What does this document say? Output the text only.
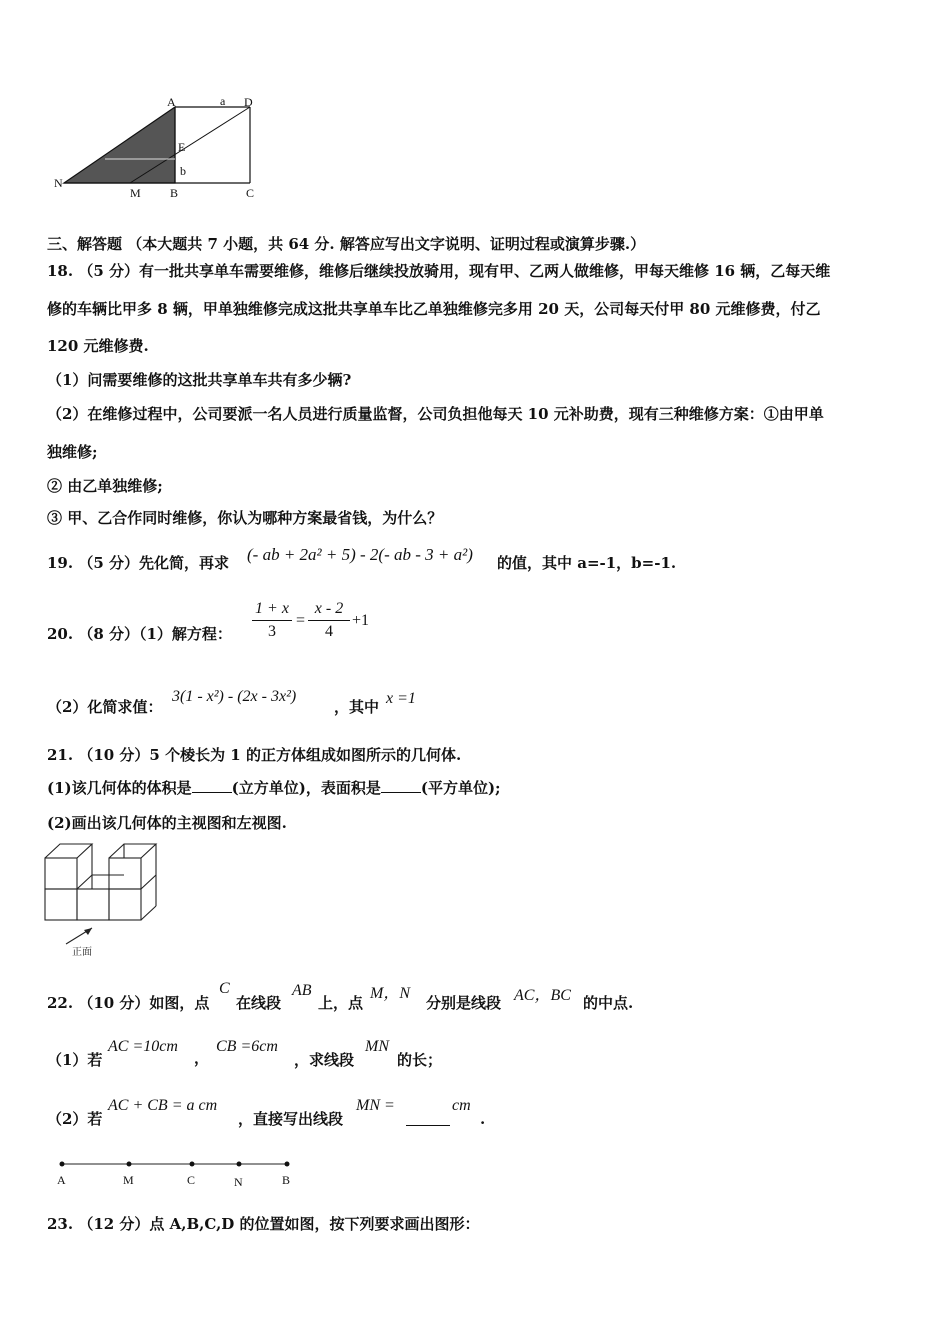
A	a D
E
b
N
M B	C
三、解答题 （本大题共 7 小题，共 64 分. 解答应写出文字说明、证明过程或演算步骤.）
18. （5 分）有一批共享单车需要维修，维修后继续投放骑用，现有甲、乙两人做维修，甲每天维修 16 辆，乙每天维
修的车辆比甲多 8 辆，甲单独维修完成这批共享单车比乙单独维修完多用 20 天，公司每天付甲 80 元维修费，付乙
120 元维修费.
（1）问需要维修的这批共享单车共有多少辆?
（2）在维修过程中，公司要派一名人员进行质量监督，公司负担他每天 10 元补助费，现有三种维修方案：①由甲单
独维修;
② 由乙单独维修;
③ 甲、乙合作同时维修，你认为哪种方案最省钱，为什么？
19. （5 分）先化简，再求 (- ab + 2a² + 5) - 2(- ab - 3 + a²) 的值，其中 a=-1，b=-1.
20. （8 分）（1）解方程：
1 + x
3
=
x - 2
4
+1
（2）化简求值：
3(1 - x²) - (2x - 3x²)
，其中 x =1
21. （10 分）5 个棱长为 1 的正方体组成如图所示的几何体.
(1)该几何体的体积是	(立方单位)，表面积是	(平方单位);
(2)画出该几何体的主视图和左视图.
正面
22. （10 分）如图，点
C
在线段
AB
上，点
M，N
分别是线段 AC，BC 的中点.
（1）若
AC =10cm
，
CB =6cm
，求线段
MN
的长；
（2）若
AC + CB = a cm
，直接写出线段
MN =	cm
.
A	M	C	N	B
23. （12 分）点 A,B,C,D 的位置如图，按下列要求画出图形：
